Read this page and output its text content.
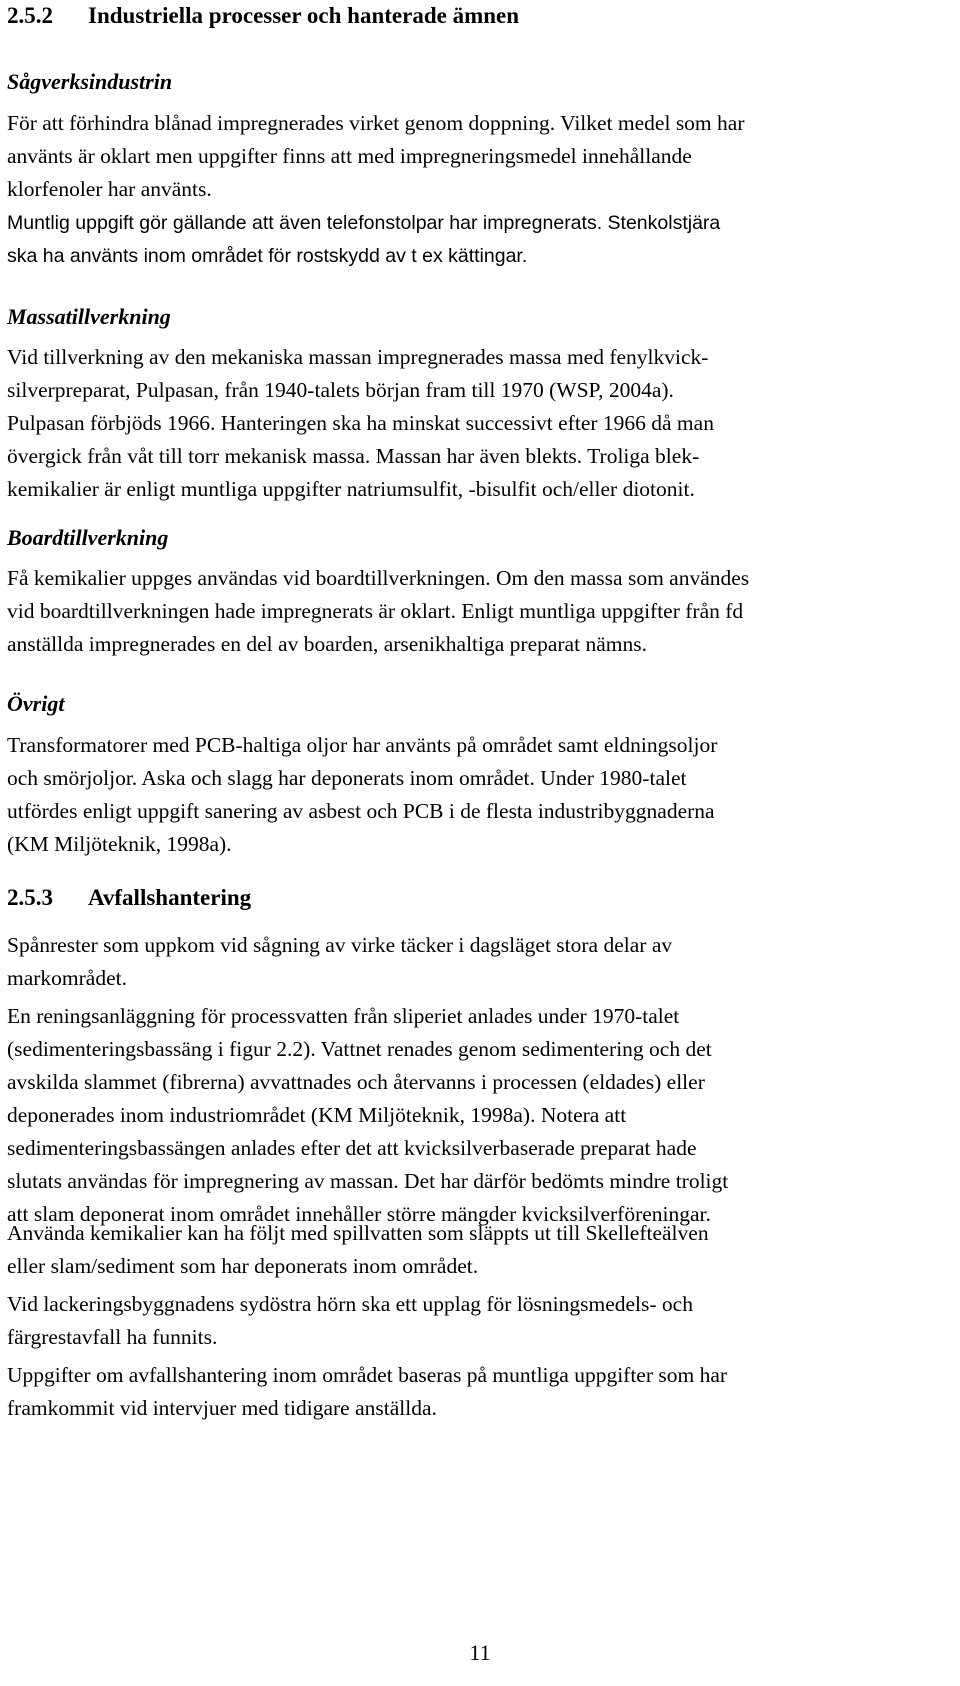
2.5.2 Industriella processer och hanterade ämnen
Sågverksindustrin

För att förhindra blånad impregnerades virket genom doppning. Vilket medel som har
använts är oklart men uppgifter finns att med impregneringsmedel innehållande
klorfenoler har använts.

Muntlig uppgift gör gällande att även telefonstolpar har impregnerats. Stenkolstjära
ska ha använts inom området för rostskydd av t ex kättingar.

Massatillverkning

Vid tillverkning av den mekaniska massan impregnerades massa med fenylkvick-
silverpreparat, Pulpasan, från 1940-talets början fram till 1970 (WSP, 2004a).
Pulpasan förbjöds 1966. Hanteringen ska ha minskat successivt efter 1966 då man
övergick från våt till torr mekanisk massa. Massan har även blekts. Troliga blek-
kemikalier är enligt muntliga uppgifter natriumsulfit, -bisulfit och/eller diotonit.

Boardtillverkning

Få kemikalier uppges användas vid boardtillverkningen. Om den massa som användes
vid boardtillverkningen hade impregnerats är oklart. Enligt muntliga uppgifter från fd
anställda impregnerades en del av boarden, arsenikhaltiga preparat nämns.

Övrigt

Transformatorer med PCB-haltiga oljor har använts på området samt eldningsoljor
och smörjoljor. Aska och slagg har deponerats inom området. Under 1980-talet
utfördes enligt uppgift sanering av asbest och PCB i de flesta industribyggnaderna
(KM Miljöteknik, 1998a).

2.5.3 Avfallshantering

Spånrester som uppkom vid sågning av virke täcker i dagsläget stora delar av
markområdet.

En reningsanläggning för processvatten från sliperiet anlades under 1970-talet
(sedimenteringsbassäng i figur 2.2). Vattnet renades genom sedimentering och det
avskilda slammet (fibrerna) avvattnades och återvanns i processen (eldades) eller
deponerades inom industriområdet (KM Miljöteknik, 1998a). Notera att
sedimenteringsbassängen anlades efter det att kvicksilverbaserade preparat hade
slutats användas för impregnering av massan. Det har därför bedömts mindre troligt
att slam deponerat inom området innehåller större mängder kvicksilverföreningar.

Använda kemikalier kan ha följt med spillvatten som släppts ut till Skellefteälven
eller slam/sediment som har deponerats inom området.

Vid lackeringsbyggnadens sydöstra hörn ska ett upplag för lösningsmedels- och
färgrestavfall ha funnits.

Uppgifter om avfallshantering inom området baseras på muntliga uppgifter som har
framkommit vid intervjuer med tidigare anställda.

11
